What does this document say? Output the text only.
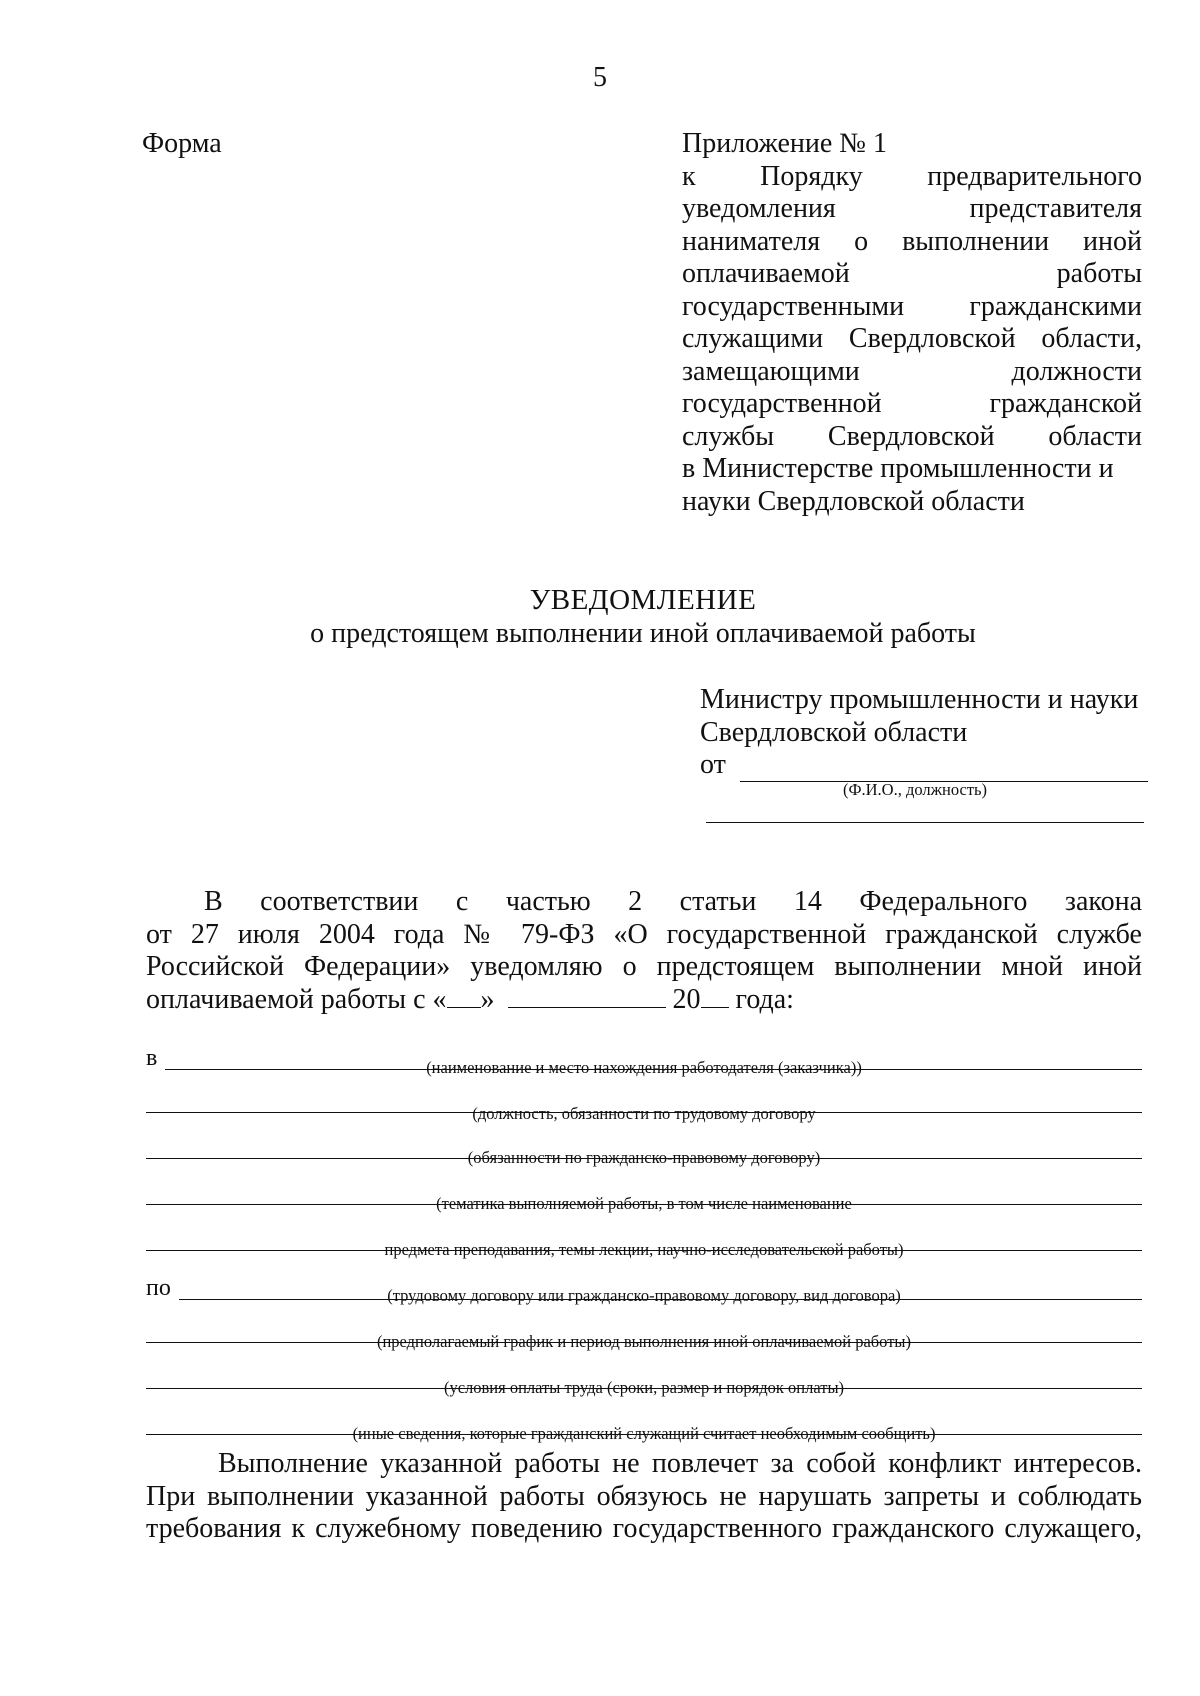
5
Форма	Приложение № 1
к Порядку предварительного
уведомления представителя
нанимателя о выполнении иной
оплачиваемой работы
государственными гражданскими
служащими Свердловской области,
замещающими должности
государственной гражданской
службы Свердловской области
в Министерстве промышленности и
науки Свердловской области
УВЕДОМЛЕНИЕ
о предстоящем выполнении иной оплачиваемой работы
Министру промышленности и науки
Свердловской области
от
(Ф.И.О., должность)
В соответствии с частью 2 статьи 14 Федерального закона
от 27 июля 2004 года № 79-ФЗ «О государственной гражданской службе
Российской Федерации» уведомляю о предстоящем выполнении мной иной
оплачиваемой работы с « »	20 года:
в	(наименование и место нахождения работодателя (заказчика))
(должность, обязанности по трудовому договору
(обязанности по гражданско-правовому договору)
(тематика выполняемой работы, в том числе наименование
предмета преподавания, темы лекции, научно-исследовательской работы)
по	(трудовому договору или гражданско-правовому договору, вид договора)
(предполагаемый график и период выполнения иной оплачиваемой работы)
(условия оплаты труда (сроки, размер и порядок оплаты)
(иные сведения, которые гражданский служащий считает необходимым сообщить)
Выполнение указанной работы не повлечет за собой конфликт интересов.
При выполнении указанной работы обязуюсь не нарушать запреты и соблюдать
требования к служебному поведению государственного гражданского служащего,
